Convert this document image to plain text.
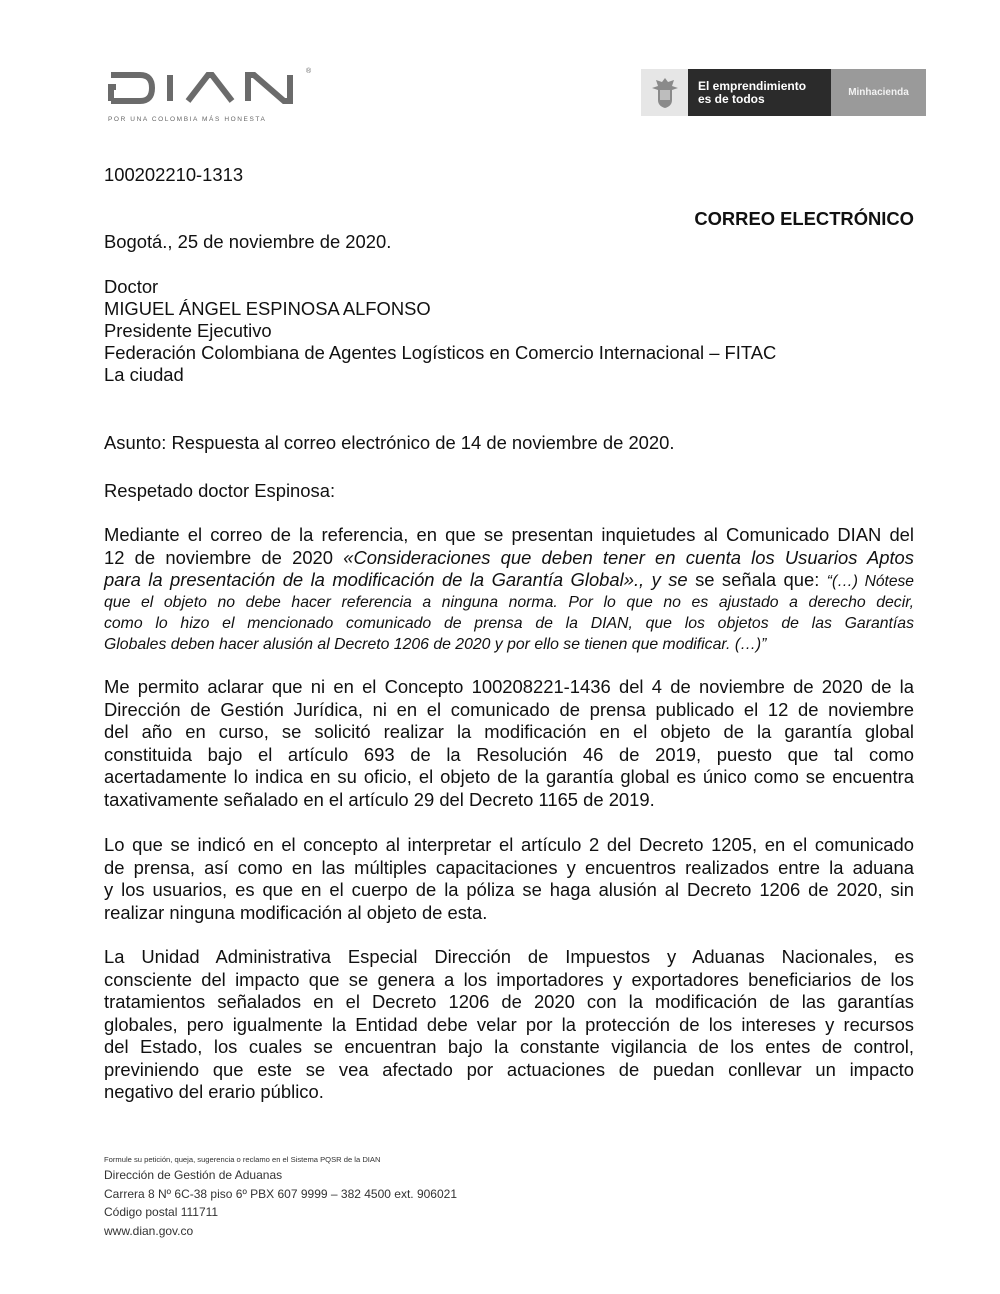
®
POR UNA COLOMBIA MÁS HONESTA
El emprendimiento
es de todos	Minhacienda
100202210-1313
CORREO ELECTRÓNICO
Bogotá., 25 de noviembre de 2020.
Doctor
MIGUEL ÁNGEL ESPINOSA ALFONSO
Presidente Ejecutivo
Federación Colombiana de Agentes Logísticos en Comercio Internacional – FITAC
La ciudad
Asunto: Respuesta al correo electrónico de 14 de noviembre de 2020.
Respetado doctor Espinosa:
Mediante el correo de la referencia, en que se presentan inquietudes al Comunicado DIAN del
12 de noviembre de 2020 «Consideraciones que deben tener en cuenta los Usuarios Aptos
para la presentación de la modificación de la Garantía Global»., y se se señala que: “(…) Nótese
que el objeto no debe hacer referencia a ninguna norma. Por lo que no es ajustado a derecho decir,
como lo hizo el mencionado comunicado de prensa de la DIAN, que los objetos de las Garantías
Globales deben hacer alusión al Decreto 1206 de 2020 y por ello se tienen que modificar. (…)”
Me permito aclarar que ni en el Concepto 100208221-1436 del 4 de noviembre de 2020 de la
Dirección de Gestión Jurídica, ni en el comunicado de prensa publicado el 12 de noviembre
del año en curso, se solicitó realizar la modificación en el objeto de la garantía global
constituida bajo el artículo 693 de la Resolución 46 de 2019, puesto que tal como
acertadamente lo indica en su oficio, el objeto de la garantía global es único como se encuentra
taxativamente señalado en el artículo 29 del Decreto 1165 de 2019.
Lo que se indicó en el concepto al interpretar el artículo 2 del Decreto 1205, en el comunicado
de prensa, así como en las múltiples capacitaciones y encuentros realizados entre la aduana
y los usuarios, es que en el cuerpo de la póliza se haga alusión al Decreto 1206 de 2020, sin
realizar ninguna modificación al objeto de esta.
La Unidad Administrativa Especial Dirección de Impuestos y Aduanas Nacionales, es
consciente del impacto que se genera a los importadores y exportadores beneficiarios de los
tratamientos señalados en el Decreto 1206 de 2020 con la modificación de las garantías
globales, pero igualmente la Entidad debe velar por la protección de los intereses y recursos
del Estado, los cuales se encuentran bajo la constante vigilancia de los entes de control,
previniendo que este se vea afectado por actuaciones de puedan conllevar un impacto
negativo del erario público.
Formule su petición, queja, sugerencia o reclamo en el Sistema PQSR de la DIAN
Dirección de Gestión de Aduanas
Carrera 8 Nº 6C-38 piso 6º PBX 607 9999 – 382 4500 ext. 906021
Código postal 111711
www.dian.gov.co
